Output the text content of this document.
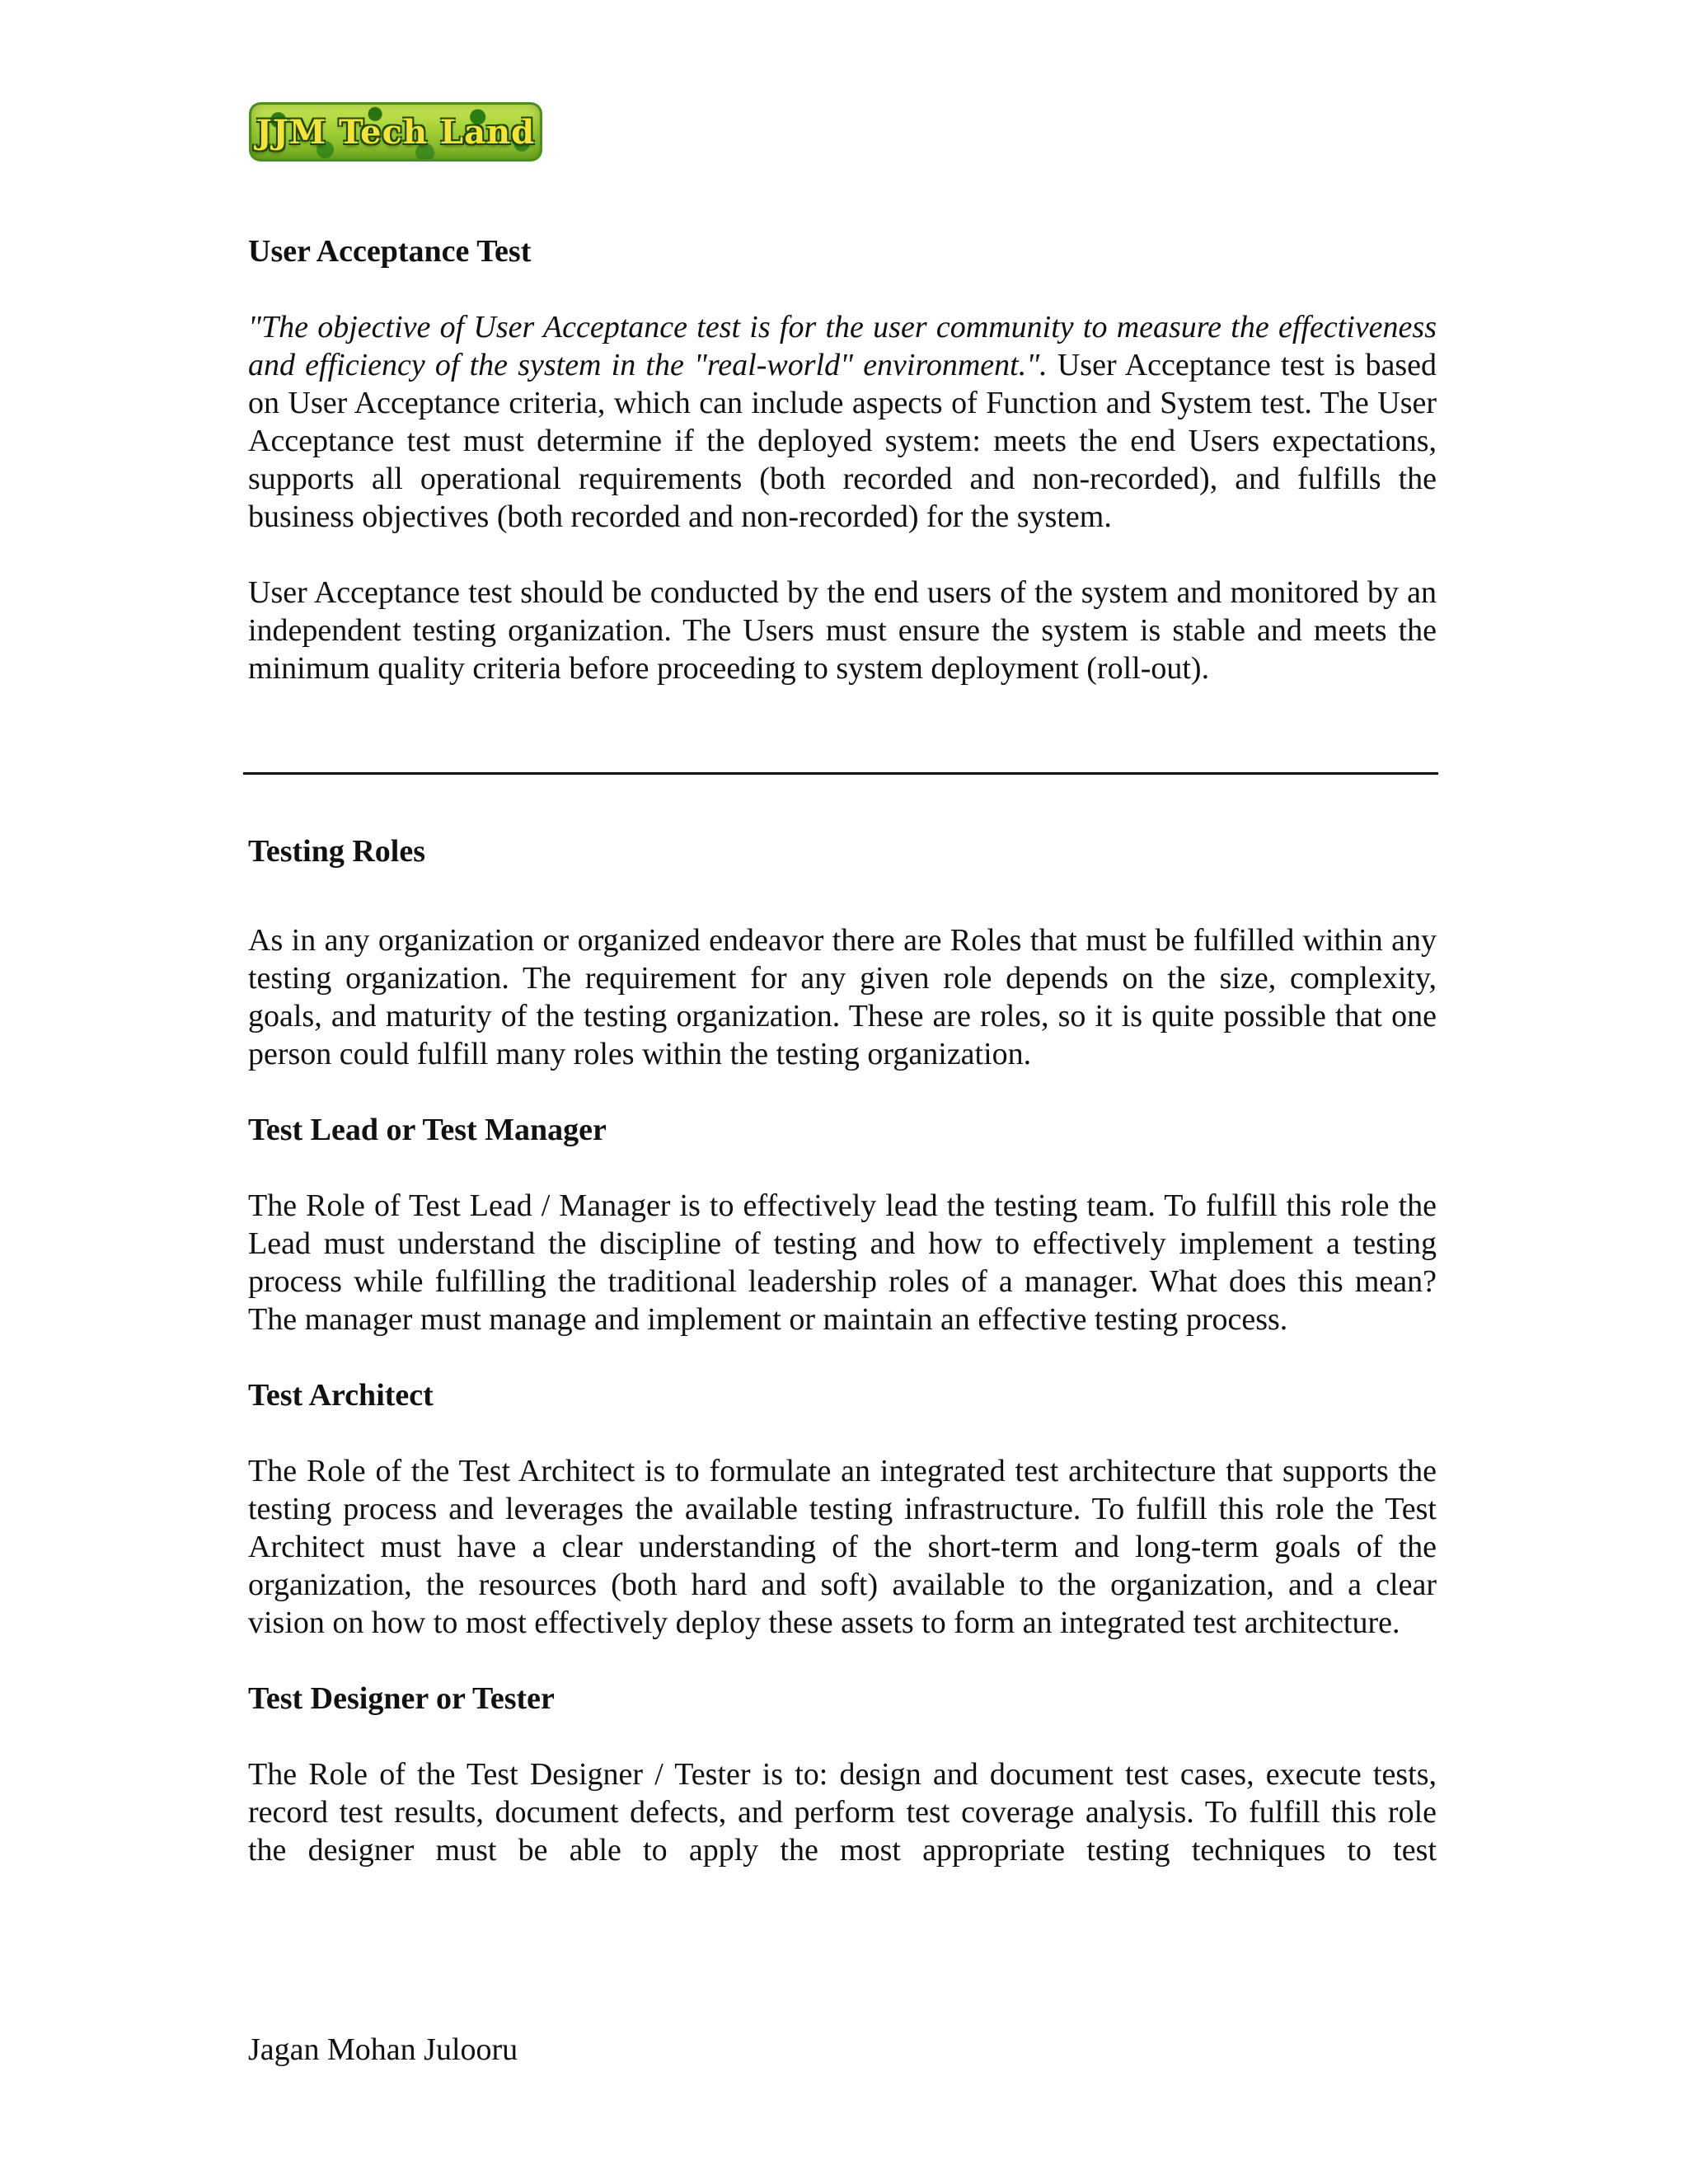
JJM Tech Land

User Acceptance Test

"The objective of User Acceptance test is for the user community to measure the effectiveness and efficiency of the system in the "real-world" environment.". User Acceptance test is based on User Acceptance criteria, which can include aspects of Function and System test. The User Acceptance test must determine if the deployed system: meets the end Users expectations, supports all operational requirements (both recorded and non-recorded), and fulfills the business objectives (both recorded and non-recorded) for the system.

User Acceptance test should be conducted by the end users of the system and monitored by an independent testing organization. The Users must ensure the system is stable and meets the minimum quality criteria before proceeding to system deployment (roll-out).

Testing Roles

As in any organization or organized endeavor there are Roles that must be fulfilled within any testing organization. The requirement for any given role depends on the size, complexity, goals, and maturity of the testing organization. These are roles, so it is quite possible that one person could fulfill many roles within the testing organization.

Test Lead or Test Manager

The Role of Test Lead / Manager is to effectively lead the testing team. To fulfill this role the Lead must understand the discipline of testing and how to effectively implement a testing process while fulfilling the traditional leadership roles of a manager. What does this mean? The manager must manage and implement or maintain an effective testing process.

Test Architect

The Role of the Test Architect is to formulate an integrated test architecture that supports the testing process and leverages the available testing infrastructure. To fulfill this role the Test Architect must have a clear understanding of the short-term and long-term goals of the organization, the resources (both hard and soft) available to the organization, and a clear vision on how to most effectively deploy these assets to form an integrated test architecture.

Test Designer or Tester

The Role of the Test Designer / Tester is to: design and document test cases, execute tests, record test results, document defects, and perform test coverage analysis. To fulfill this role the designer must be able to apply the most appropriate testing techniques to test

Jagan Mohan Julooru
